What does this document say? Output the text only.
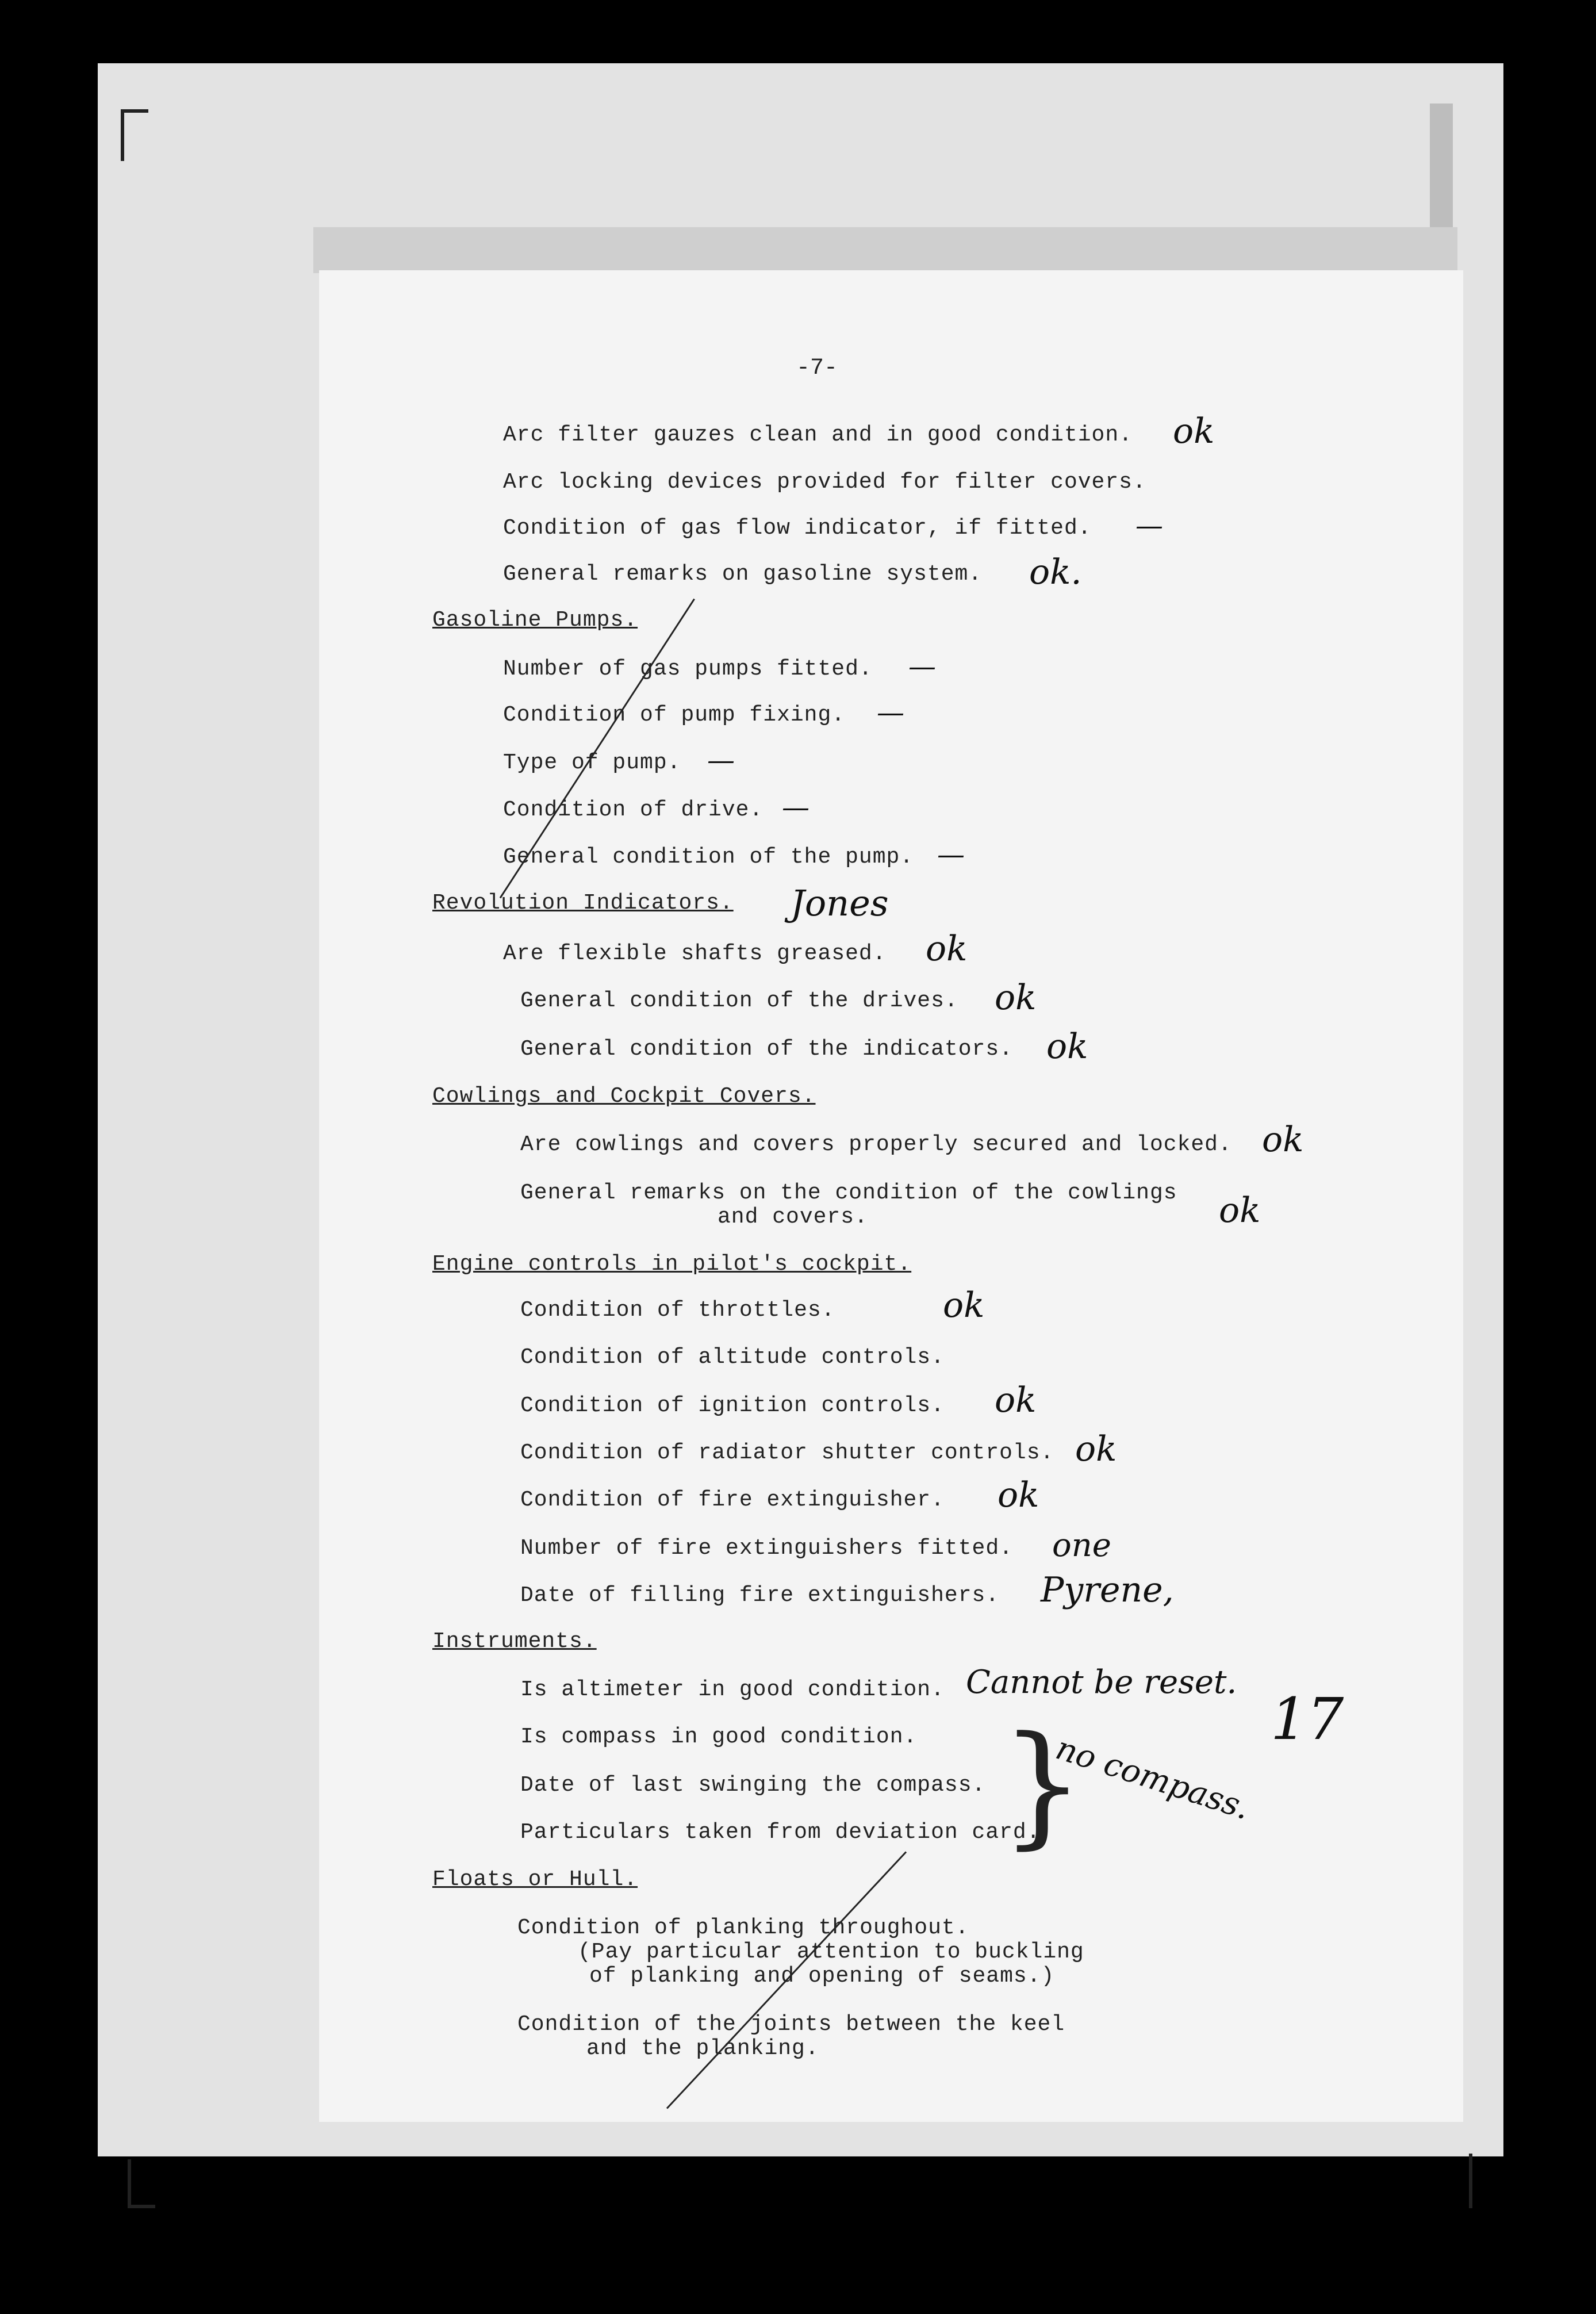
-7-
Arc filter gauzes clean and in good condition. ok
Arc locking devices provided for filter covers.
Condition of gas flow indicator, if fitted. —
General remarks on gasoline system. ok.
Gasoline Pumps.
Number of gas pumps fitted. —
Condition of pump fixing. —
Type of pump. —
Condition of drive. —
General condition of the pump. —
Revolution Indicators. Jones
Are flexible shafts greased. ok
General condition of the drives. ok
General condition of the indicators. ok
Cowlings and Cockpit Covers.
Are cowlings and covers properly secured and locked. ok
General remarks on the condition of the cowlings
and covers.	ok
Engine controls in pilot's cockpit.
Condition of throttles.	ok
Condition of altitude controls.
Condition of ignition controls. ok
Condition of radiator shutter controls. ok
Condition of fire extinguisher. ok
Number of fire extinguishers fitted. one
Date of filling fire extinguishers. Pyrene,
Instruments.
Is altimeter in good condition. Cannot be reset.
17
Is compass in good condition.
Date of last swinging the compass.
Particulars taken from deviation card.
}
no compass.
Floats or Hull.
Condition of planking throughout.
(Pay particular attention to buckling
of planking and opening of seams.)
Condition of the joints between the keel
and the planking.
